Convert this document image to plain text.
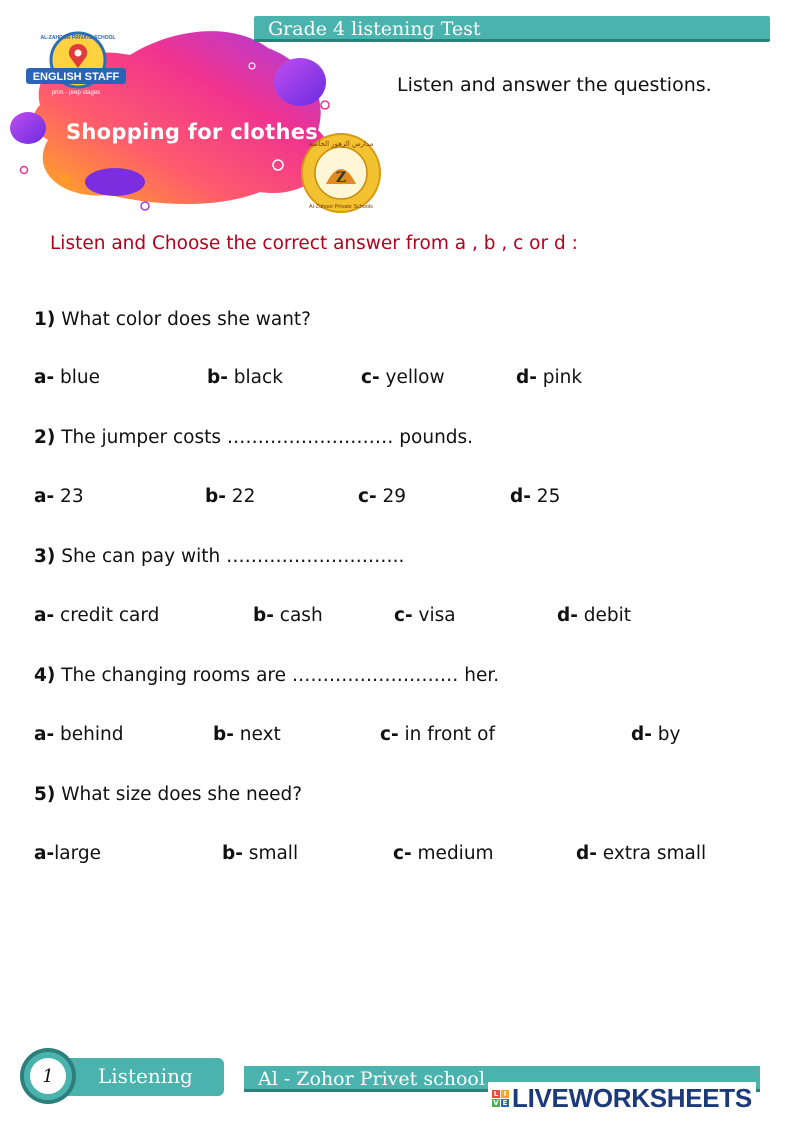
Shopping for clothes
ENGLISH STAFF
prim - prep stages
AL-ZAHOOR PRIVATE SCHOOL
Z
مدارس الزهور الخاصة
Al-Zohoor Private Schools
Grade 4 listening Test
Listen and answer the questions.
Listen and Choose the correct answer from a , b , c or d :
1) What color does she want?
a- blue	b- black	c- yellow	d- pink
2) The jumper costs ……………………… pounds.
a- 23	b- 22	c- 29	d- 25
3) She can pay with ………………………..
a- credit card	b- cash	c- visa	d- debit
4) The changing rooms are ……………………… her.
a- behind	b- next	c- in front of	d- by
5) What size does she need?
a-large	b- small	c- medium	d- extra small
Listening
1	Al - Zohor Privet school
L I
V E LIVEWORKSHEETS
